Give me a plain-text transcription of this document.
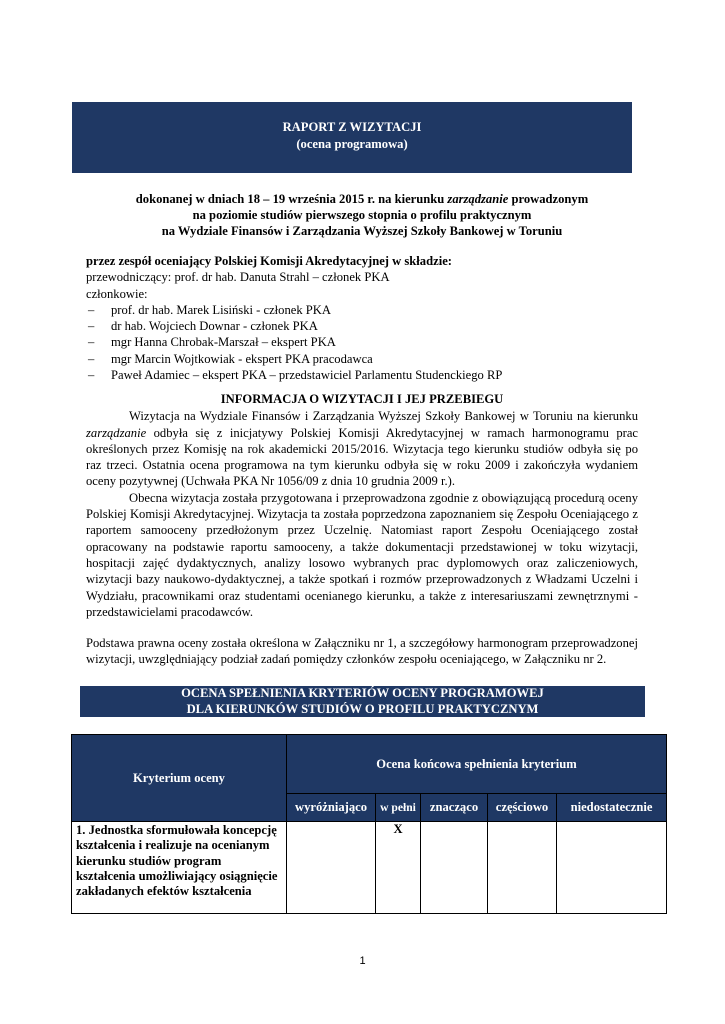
RAPORT Z WIZYTACJI
(ocena programowa)
dokonanej w dniach 18 – 19 września 2015 r. na kierunku zarządzanie prowadzonym
na poziomie studiów pierwszego stopnia o profilu praktycznym
na Wydziale Finansów i Zarządzania Wyższej Szkoły Bankowej w Toruniu
przez zespół oceniający Polskiej Komisji Akredytacyjnej w składzie:
przewodniczący: prof. dr hab. Danuta Strahl – członek PKA
członkowie:
– prof. dr hab. Marek Lisiński - członek PKA
– dr hab. Wojciech Downar - członek PKA
– mgr Hanna Chrobak-Marszał – ekspert PKA
– mgr Marcin Wojtkowiak - ekspert PKA pracodawca
– Paweł Adamiec – ekspert PKA – przedstawiciel Parlamentu Studenckiego RP
INFORMACJA O WIZYTACJI I JEJ PRZEBIEGU

Wizytacja na Wydziale Finansów i Zarządzania Wyższej Szkoły Bankowej w Toruniu na kierunku zarządzanie odbyła się z inicjatywy Polskiej Komisji Akredytacyjnej w ramach harmonogramu prac określonych przez Komisję na rok akademicki 2015/2016. Wizytacja tego kierunku studiów odbyła się po raz trzeci. Ostatnia ocena programowa na tym kierunku odbyła się w roku 2009 i zakończyła wydaniem oceny pozytywnej (Uchwała PKA Nr 1056/09 z dnia 10 grudnia 2009 r.).

Obecna wizytacja została przygotowana i przeprowadzona zgodnie z obowiązującą procedurą oceny Polskiej Komisji Akredytacyjnej. Wizytacja ta została poprzedzona zapoznaniem się Zespołu Oceniającego z raportem samooceny przedłożonym przez Uczelnię. Natomiast raport Zespołu Oceniającego został opracowany na podstawie raportu samooceny, a także dokumentacji przedstawionej w toku wizytacji, hospitacji zajęć dydaktycznych, analizy losowo wybranych prac dyplomowych oraz zaliczeniowych, wizytacji bazy naukowo-dydaktycznej, a także spotkań i rozmów przeprowadzonych z Władzami Uczelni i Wydziału, pracownikami oraz studentami ocenianego kierunku, a także z interesariuszami zewnętrznymi - przedstawicielami pracodawców.

Podstawa prawna oceny została określona w Załączniku nr 1, a szczegółowy harmonogram przeprowadzonej wizytacji, uwzględniający podział zadań pomiędzy członków zespołu oceniającego, w Załączniku nr 2.

OCENA SPEŁNIENIA KRYTERIÓW OCENY PROGRAMOWEJ
DLA KIERUNKÓW STUDIÓW O PROFILU PRAKTYCZNYM
Kryterium oceny	Ocena końcowa spełnienia kryterium				
	wyróżniająco	w pełni	znacząco	częściowo	niedostatecznie
1. Jednostka sformułowała koncepcję kształcenia i realizuje na ocenianym kierunku studiów program kształcenia umożliwiający osiągnięcie zakładanych efektów kształcenia		X			
1
